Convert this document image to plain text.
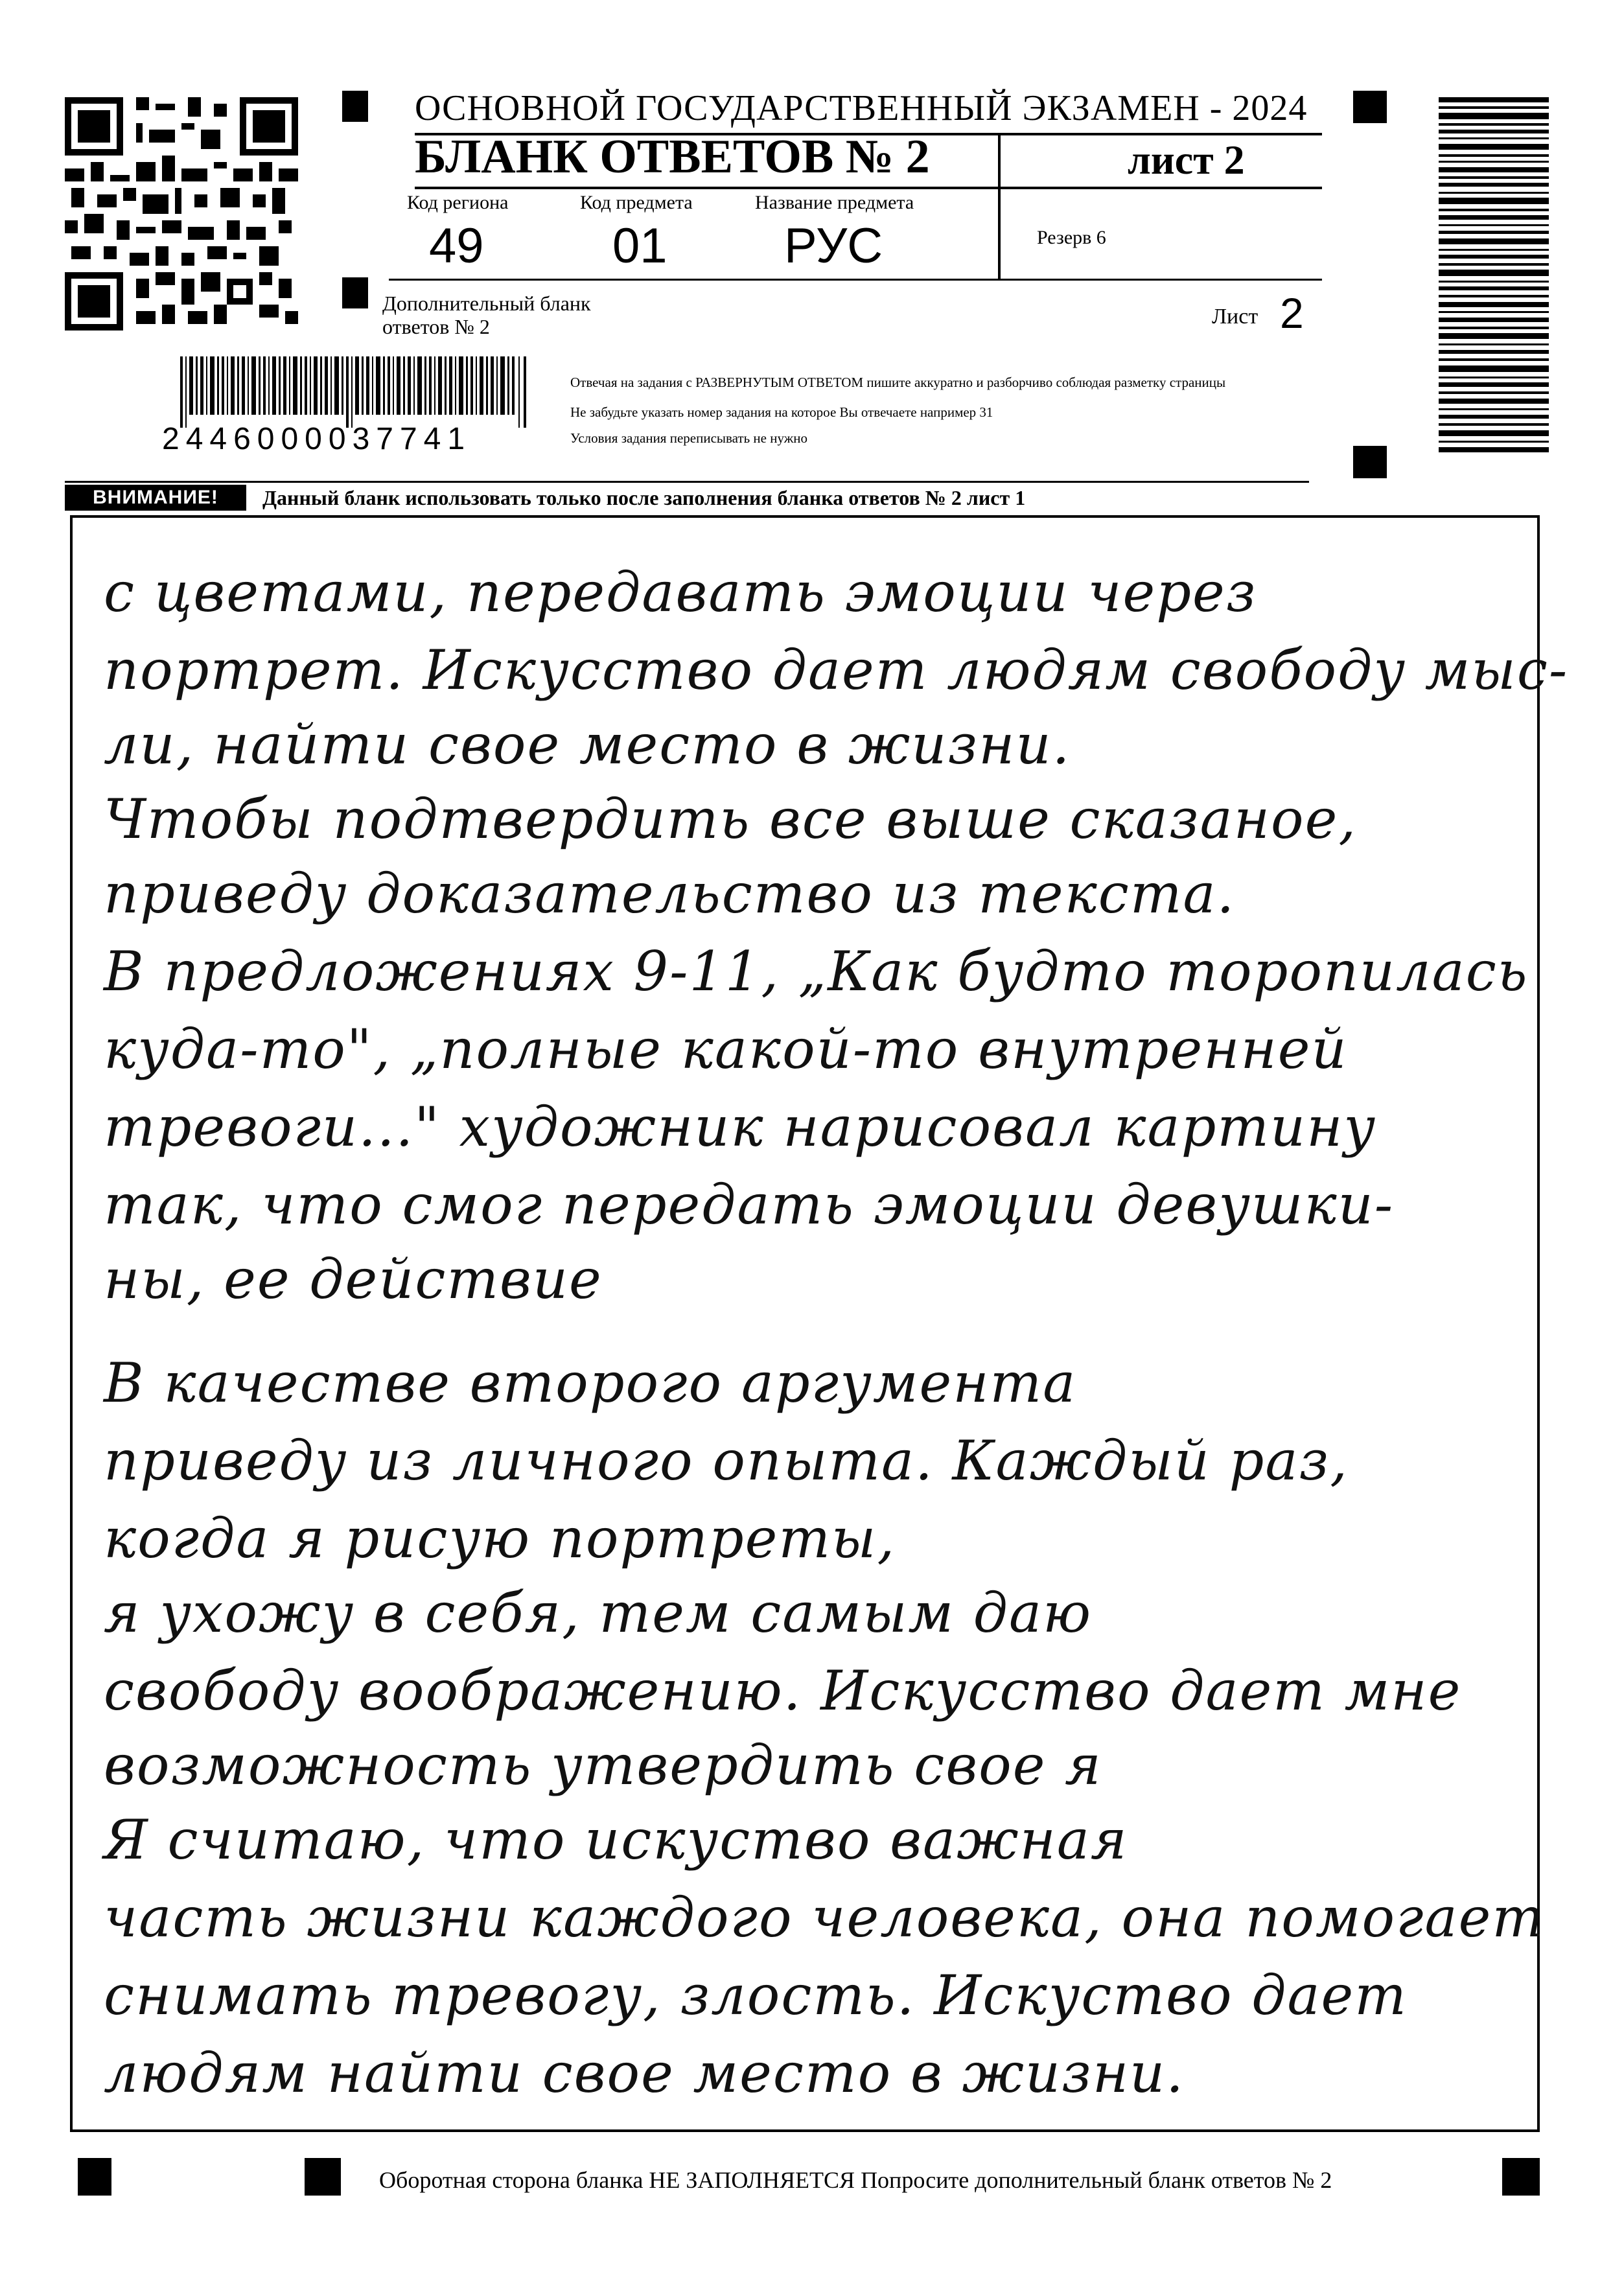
2446000037741
ОСНОВНОЙ ГОСУДАРСТВЕННЫЙ ЭКЗАМЕН - 2024
БЛАНК ОТВЕТОВ № 2	лист 2
Код региона
49
Код предмета
01
Название предмета
РУС	Резерв 6
Дополнительный бланк ответов № 2	Лист 2
Отвечая на задания с РАЗВЕРНУТЫМ ОТВЕТОМ пишите аккуратно и разборчиво соблюдая разметку страницы
Не забудьте указать номер задания на которое Вы отвечаете например 31
Условия задания переписывать не нужно
ВНИМАНИЕ!	Данный бланк использовать только после заполнения бланка ответов № 2 лист 1
с цветами, передавать эмоции через
портрет. Искусство дает людям свободу мыс-
ли, найти свое место в жизни.
Чтобы подтвердить все выше сказаное,
приведу доказательство из текста.
В предложениях 9-11, „Как будто торопилась
куда-то", „полные какой-то внутренней
тревоги..." художник нарисовал картину
так, что смог передать эмоции девушки-
ны, ее действие
В качестве второго аргумента
приведу из личного опыта. Каждый раз,
когда я рисую портреты,
я ухожу в себя, тем самым даю
свободу воображению. Искусство дает мне
возможность утвердить свое я
Я считаю, что искуство важная
часть жизни каждого человека, она помогает
снимать тревогу, злость. Искуство дает
людям найти свое место в жизни.
Оборотная сторона бланка НЕ ЗАПОЛНЯЕТСЯ Попросите дополнительный бланк ответов № 2
